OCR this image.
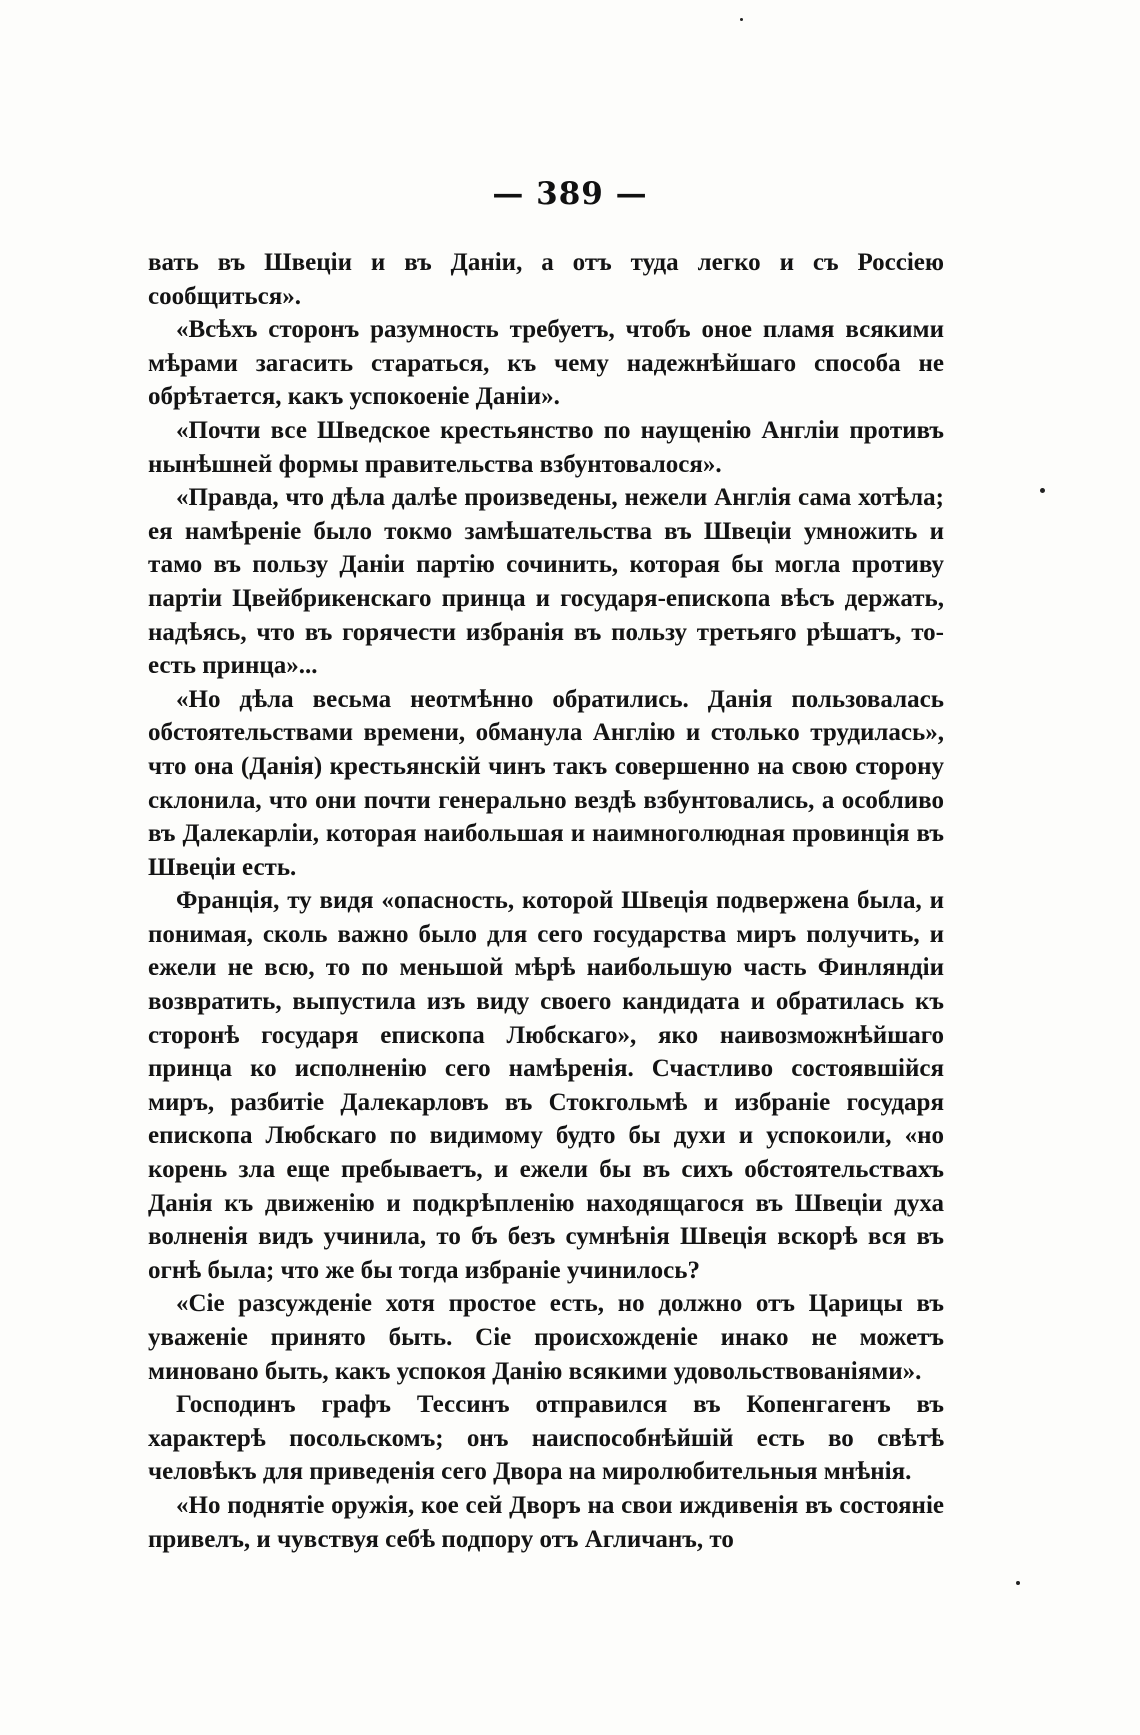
— 389 —

вать въ Швеціи и въ Даніи, а отъ туда легко и съ Россіею сообщиться».

«Всѣхъ сторонъ разумность требуетъ, чтобъ оное пламя всякими мѣрами загасить стараться, къ чему надежнѣйшаго способа не обрѣтается, какъ успокоеніе Даніи».

«Почти все Шведское крестьянство по наущенію Англіи противъ нынѣшней формы правительства взбунтовалося».

«Правда, что дѣла далѣе произведены, нежели Англія сама хотѣла; ея намѣреніе было токмо замѣшательства въ Швеціи умножить и тамо въ пользу Даніи партію сочинить, которая бы могла противу партіи Цвейбрикенскаго принца и государя-епископа вѣсъ держать, надѣясь, что въ горячести избранія въ пользу третьяго рѣшатъ, то-есть принца»...

«Но дѣла весьма неотмѣнно обратились. Данія пользовалась обстоятельствами времени, обманула Англію и столько трудилась», что она (Данія) крестьянскій чинъ такъ совершенно на свою сторону склонила, что они почти генерально вездѣ взбунтовались, а особливо въ Далекарліи, которая наибольшая и наимноголюдная провинція въ Швеціи есть.

Франція, ту видя «опасность, которой Швеція подвержена была, и понимая, сколь важно было для сего государства миръ получить, и ежели не всю, то по меньшой мѣрѣ наибольшую часть Финляндіи возвратить, выпустила изъ виду своего кандидата и обратилась къ сторонѣ государя епископа Любскаго», яко наивозможнѣйшаго принца ко исполненію сего намѣренія. Счастливо состоявшійся миръ, разбитіе Далекарловъ въ Стокгольмѣ и избраніе государя епископа Любскаго по видимому будто бы духи и успокоили, «но корень зла еще пребываетъ, и ежели бы въ сихъ обстоятельствахъ Данія къ движенію и подкрѣпленію находящагося въ Швеціи духа волненія видъ учинила, то бъ безъ сумнѣнія Швеція вскорѣ вся въ огнѣ была; что же бы тогда избраніе учинилось?

«Сіе разсужденіе хотя простое есть, но должно отъ Царицы въ уваженіе принято быть. Сіе происхожденіе инако не можетъ миновано быть, какъ успокоя Данію всякими удовольствованіями».

Господинъ графъ Тессинъ отправился въ Копенгагенъ въ характерѣ посольскомъ; онъ наиспособнѣйшій есть во свѣтѣ человѣкъ для приведенія сего Двора на миролюбительныя мнѣнія.

«Но поднятіе оружія, кое сей Дворъ на свои иждивенія въ состояніе привелъ, и чувствуя себѣ подпору отъ Агличанъ, то
